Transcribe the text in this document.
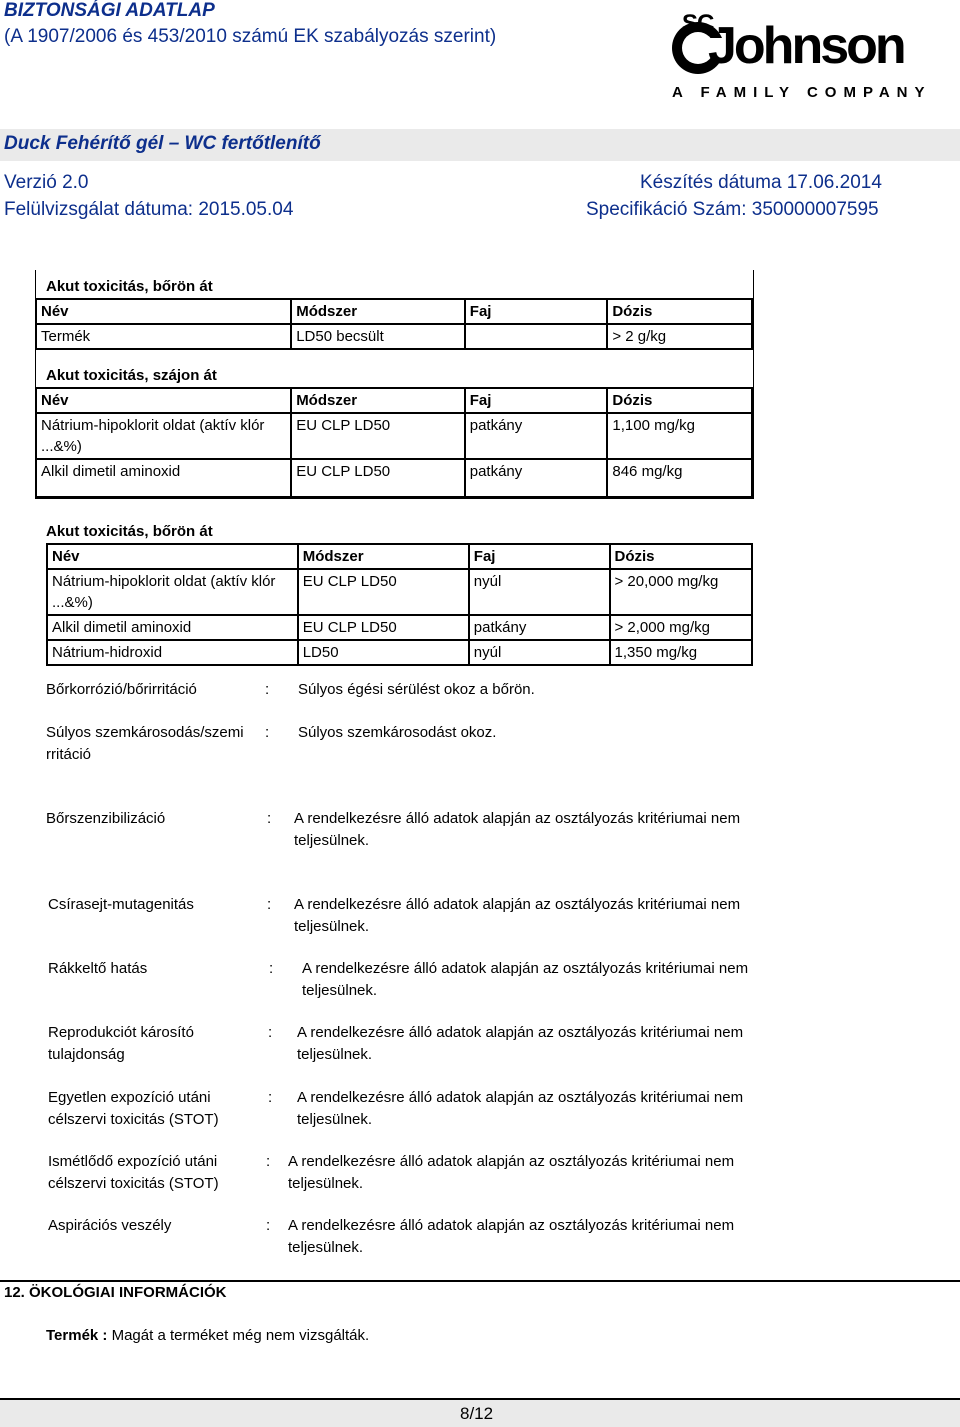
BIZTONSÁGI ADATLAP
(A 1907/2006 és 453/2010 számú EK szabályozás szerint)	SC
Johnson
A FAMILY COMPANY
Duck Fehérítő gél – WC fertőtlenítő
Verzió 2.0	Készítés dátuma 17.06.2014
Felülvizsgálat dátuma: 2015.05.04	Specifikáció Szám: 350000007595
Akut toxicitás, bőrön át
Név	Módszer	Faj	Dózis
Termék	LD50 becsült		> 2 g/kg
Akut toxicitás, szájon át
Név	Módszer	Faj	Dózis
Nátrium-hipoklorit oldat (aktív klór ...&%)	EU CLP LD50	patkány	1,100 mg/kg
Alkil dimetil aminoxid	EU CLP LD50	patkány	846 mg/kg
Akut toxicitás, bőrön át
Név	Módszer	Faj	Dózis
Nátrium-hipoklorit oldat (aktív klór ...&%)	EU CLP LD50	nyúl	> 20,000 mg/kg
Alkil dimetil aminoxid	EU CLP LD50	patkány	> 2,000 mg/kg
Nátrium-hidroxid	LD50	nyúl	1,350 mg/kg
Bőrkorrózió/bőrirritáció	: Súlyos égési sérülést okoz a bőrön.
Súlyos szemkárosodás/szemirritáció
: Súlyos szemkárosodást okoz.
Bőrszenzibilizáció	: A rendelkezésre álló adatok alapján az osztályozás kritériumai nem teljesülnek.
Csírasejt-mutagenitás	: A rendelkezésre álló adatok alapján az osztályozás kritériumai nem teljesülnek.
Rákkeltő hatás	: A rendelkezésre álló adatok alapján az osztályozás kritériumai nem teljesülnek.
Reprodukciót károsító tulajdonság
: A rendelkezésre álló adatok alapján az osztályozás kritériumai nem teljesülnek.
Egyetlen expozíció utáni célszervi toxicitás (STOT)
: A rendelkezésre álló adatok alapján az osztályozás kritériumai nem teljesülnek.
Ismétlődő expozíció utáni célszervi toxicitás (STOT)
: A rendelkezésre álló adatok alapján az osztályozás kritériumai nem teljesülnek.
Aspirációs veszély	: A rendelkezésre álló adatok alapján az osztályozás kritériumai nem teljesülnek.
12. ÖKOLÓGIAI INFORMÁCIÓK
Termék : Magát a terméket még nem vizsgálták.
8/12
